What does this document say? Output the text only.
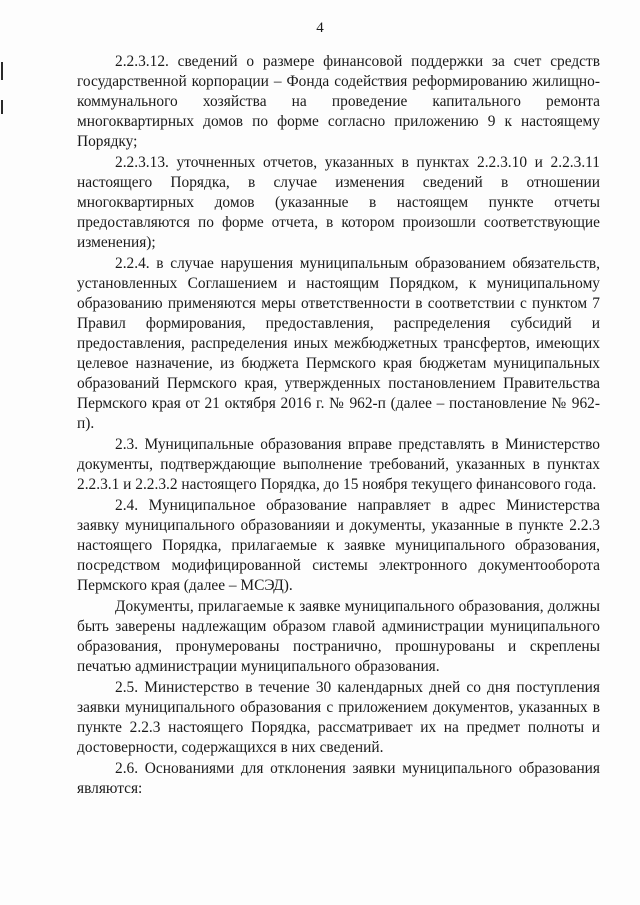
4

2.2.3.12. сведений о размере финансовой поддержки за счет средств государственной корпорации – Фонда содействия реформированию жилищно-коммунального хозяйства на проведение капитального ремонта многоквартирных домов по форме согласно приложению 9 к настоящему Порядку;

2.2.3.13. уточненных отчетов, указанных в пунктах 2.2.3.10 и 2.2.3.11 настоящего Порядка, в случае изменения сведений в отношении многоквартирных домов (указанные в настоящем пункте отчеты предоставляются по форме отчета, в котором произошли соответствующие изменения);

2.2.4. в случае нарушения муниципальным образованием обязательств, установленных Соглашением и настоящим Порядком, к муниципальному образованию применяются меры ответственности в соответствии с пунктом 7 Правил формирования, предоставления, распределения субсидий и предоставления, распределения иных межбюджетных трансфертов, имеющих целевое назначение, из бюджета Пермского края бюджетам муниципальных образований Пермского края, утвержденных постановлением Правительства Пермского края от 21 октября 2016 г. № 962-п (далее – постановление № 962-п).

2.3. Муниципальные образования вправе представлять в Министерство документы, подтверждающие выполнение требований, указанных в пунктах 2.2.3.1 и 2.2.3.2 настоящего Порядка, до 15 ноября текущего финансового года.

2.4. Муниципальное образование направляет в адрес Министерства заявку муниципального образованияи и документы, указанные в пункте 2.2.3 настоящего Порядка, прилагаемые к заявке муниципального образования, посредством модифицированной системы электронного документооборота Пермского края (далее – МСЭД).

Документы, прилагаемые к заявке муниципального образования, должны быть заверены надлежащим образом главой администрации муниципального образования, пронумерованы постранично, прошнурованы и скреплены печатью администрации муниципального образования.

2.5. Министерство в течение 30 календарных дней со дня поступления заявки муниципального образования с приложением документов, указанных в пункте 2.2.3 настоящего Порядка, рассматривает их на предмет полноты и достоверности, содержащихся в них сведений.

2.6. Основаниями для отклонения заявки муниципального образования являются:
